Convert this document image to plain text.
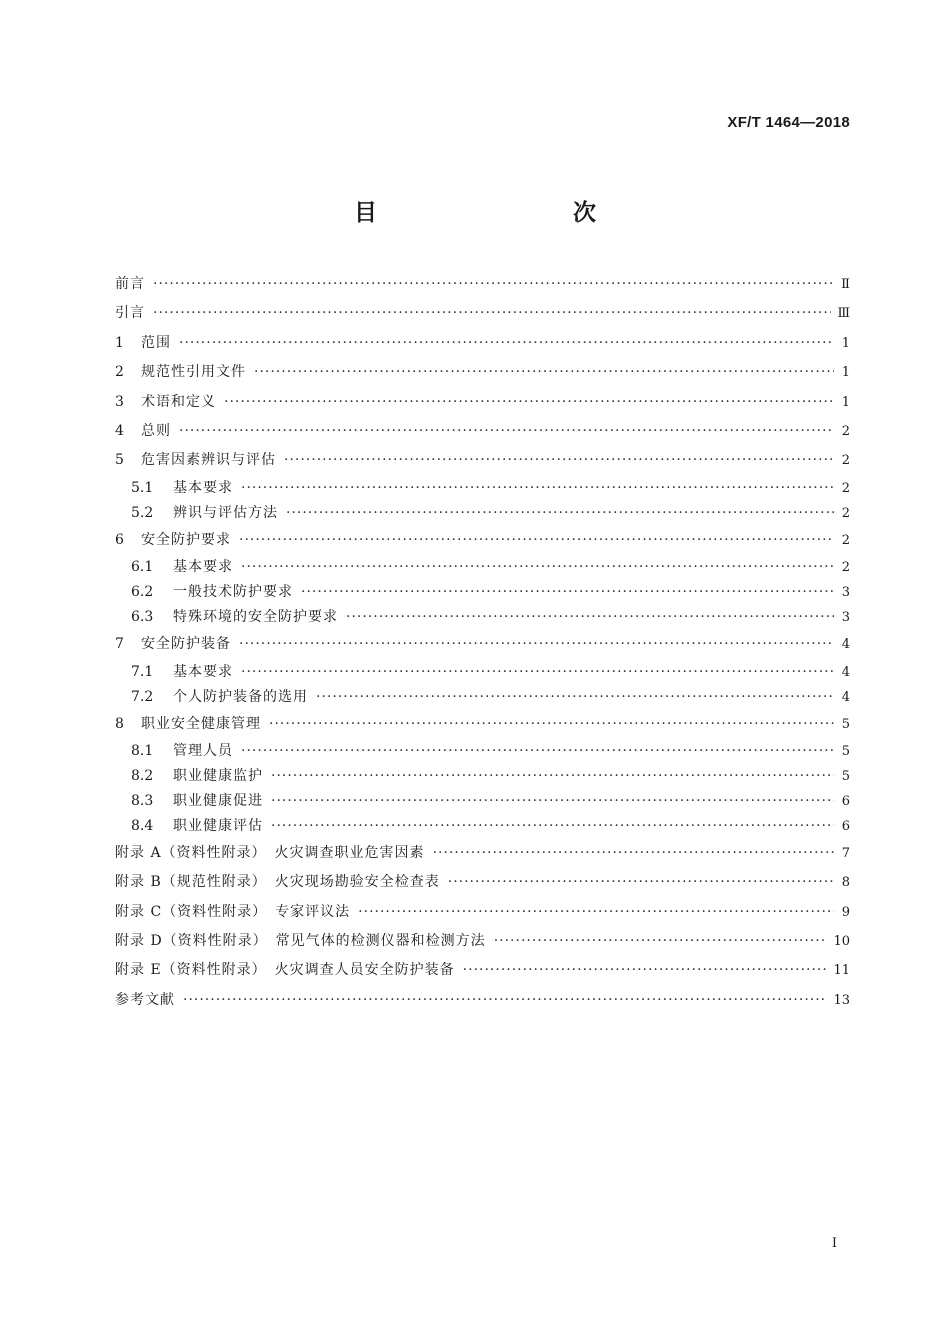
XF/T 1464—2018
目　　次
前言 ·····	Ⅱ
引言 ·····	Ⅲ
1	范围 ·····	1
2	规范性引用文件 ·····	1
3	术语和定义 ·····	1
4	总则 ·····	2
5	危害因素辨识与评估 ·····	2
5.1	基本要求 ·····	2
5.2	辨识与评估方法 ·····	2
6	安全防护要求 ·····	2
6.1	基本要求 ·····	2
6.2	一般技术防护要求 ·····	3
6.3	特殊环境的安全防护要求 ·····	3
7	安全防护装备 ·····	4
7.1	基本要求 ·····	4
7.2	个人防护装备的选用 ·····	4
8	职业安全健康管理 ·····	5
8.1	管理人员 ·····	5
8.2	职业健康监护 ·····	5
8.3	职业健康促进 ·····	6
8.4	职业健康评估 ·····	6
附录 A（资料性附录）　火灾调查职业危害因素 ·····	7
附录 B（规范性附录）　火灾现场勘验安全检查表 ·····	8
附录 C（资料性附录）　专家评议法 ·····	9
附录 D（资料性附录）　常见气体的检测仪器和检测方法 ·····	10
附录 E（资料性附录）　火灾调查人员安全防护装备 ·····	11
参考文献 ·····	13
Ⅰ
